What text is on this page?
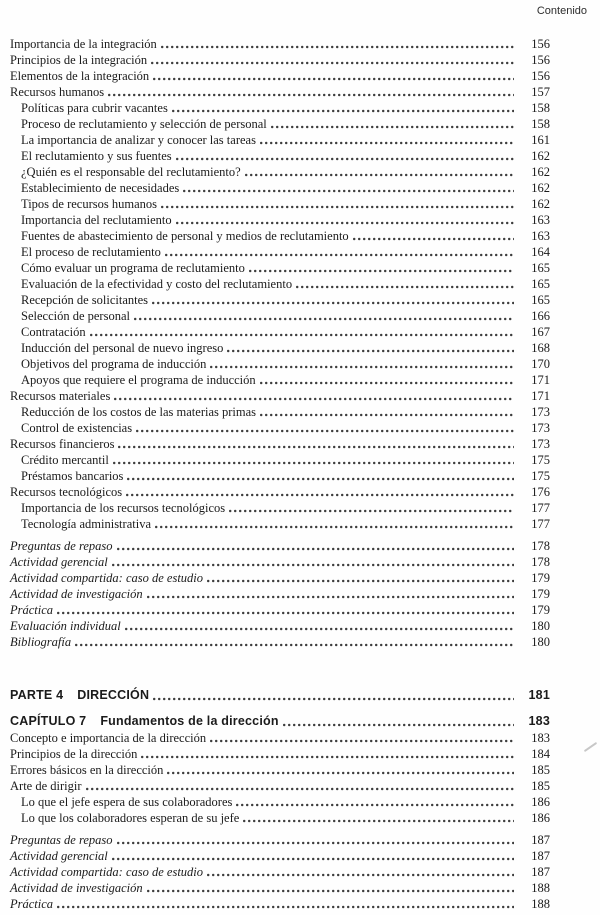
Contenido
Importancia de la integración	156
Principios de la integración	156
Elementos de la integración	156
Recursos humanos	157
Políticas para cubrir vacantes	158
Proceso de reclutamiento y selección de personal	158
La importancia de analizar y conocer las tareas	161
El reclutamiento y sus fuentes	162
¿Quién es el responsable del reclutamiento?	162
Establecimiento de necesidades	162
Tipos de recursos humanos	162
Importancia del reclutamiento	163
Fuentes de abastecimiento de personal y medios de reclutamiento	163
El proceso de reclutamiento	164
Cómo evaluar un programa de reclutamiento	165
Evaluación de la efectividad y costo del reclutamiento	165
Recepción de solicitantes	165
Selección de personal	166
Contratación	167
Inducción del personal de nuevo ingreso	168
Objetivos del programa de inducción	170
Apoyos que requiere el programa de inducción	171
Recursos materiales	171
Reducción de los costos de las materias primas	173
Control de existencias	173
Recursos financieros	173
Crédito mercantil	175
Préstamos bancarios	175
Recursos tecnológicos	176
Importancia de los recursos tecnológicos	177
Tecnología administrativa	177
Preguntas de repaso	178
Actividad gerencial	178
Actividad compartida: caso de estudio	179
Actividad de investigación	179
Práctica	179
Evaluación individual	180
Bibliografía	180
PARTE 4 DIRECCIÓN	181
CAPÍTULO 7 Fundamentos de la dirección	183
Concepto e importancia de la dirección	183
Principios de la dirección	184
Errores básicos en la dirección	185
Arte de dirigir	185
Lo que el jefe espera de sus colaboradores	186
Lo que los colaboradores esperan de su jefe	186
Preguntas de repaso	187
Actividad gerencial	187
Actividad compartida: caso de estudio	187
Actividad de investigación	188
Práctica	188
